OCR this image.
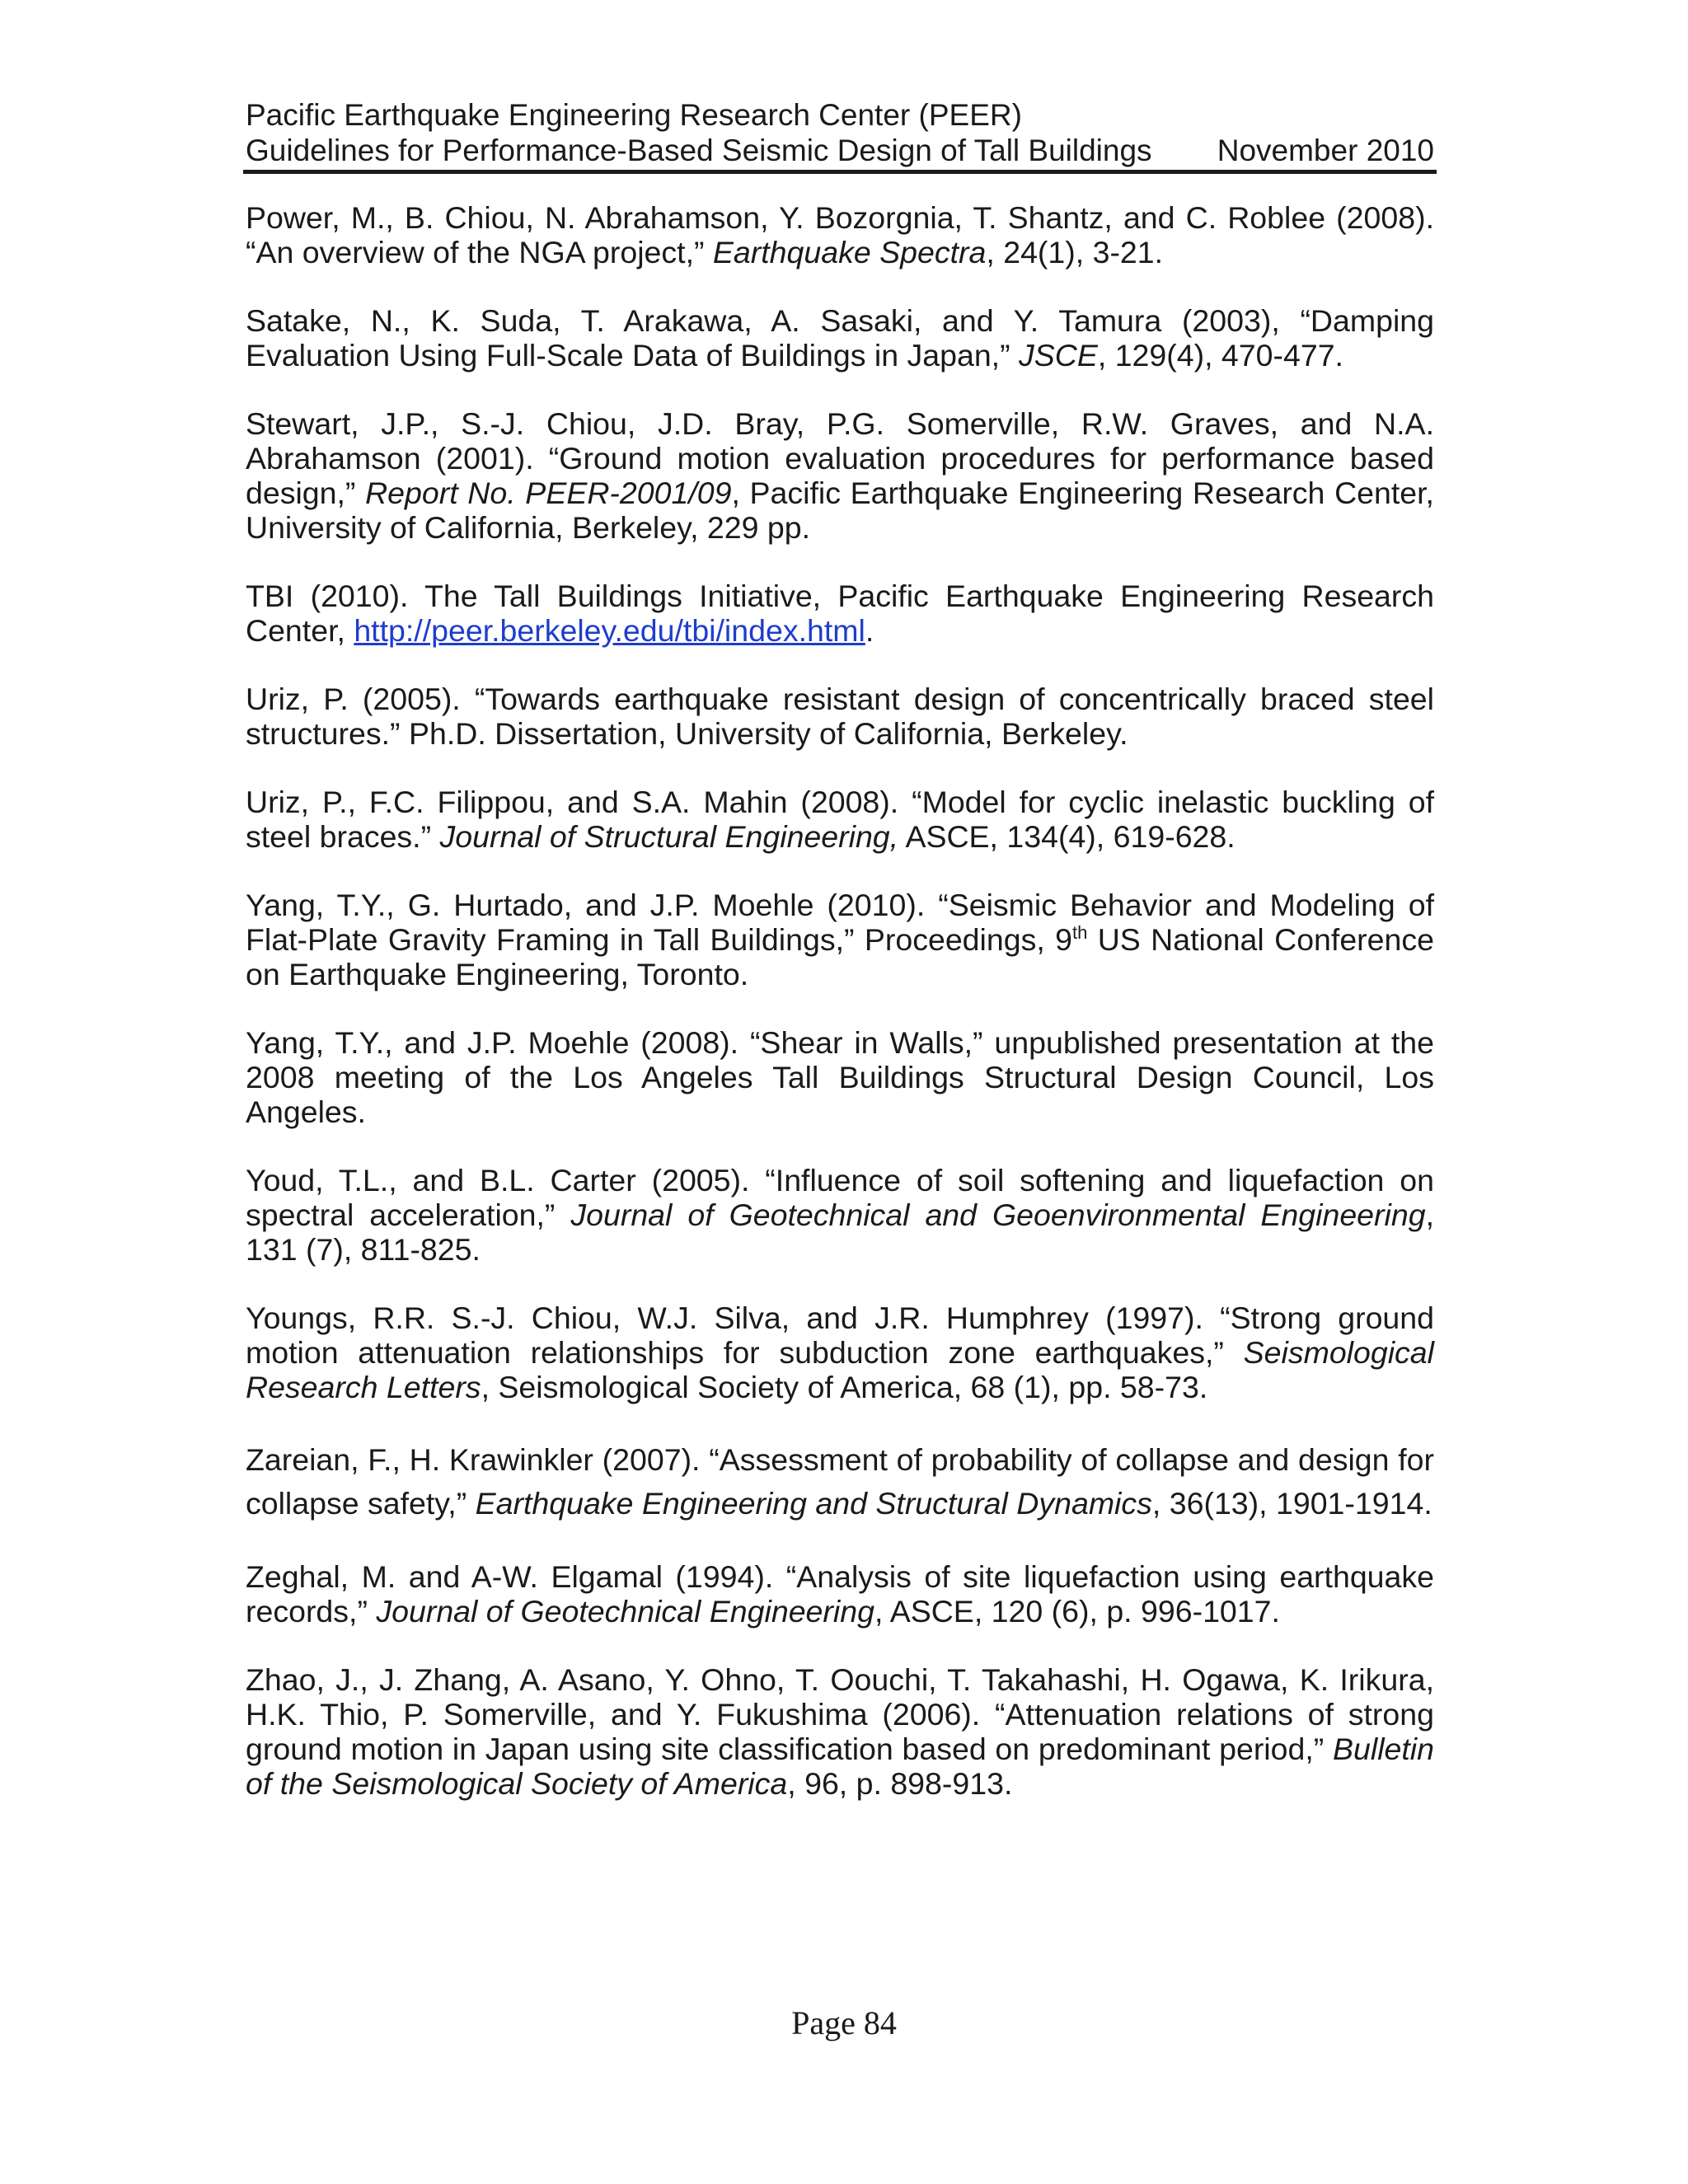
Pacific Earthquake Engineering Research Center (PEER)
Guidelines for Performance-Based Seismic Design of Tall Buildings November 2010

Power, M., B. Chiou, N. Abrahamson, Y. Bozorgnia, T. Shantz, and C. Roblee (2008). “An overview of the NGA project,” Earthquake Spectra, 24(1), 3-21.

Satake, N., K. Suda, T. Arakawa, A. Sasaki, and Y. Tamura (2003), “Damping Evaluation Using Full-Scale Data of Buildings in Japan,” JSCE, 129(4), 470-477.

Stewart, J.P., S.-J. Chiou, J.D. Bray, P.G. Somerville, R.W. Graves, and N.A. Abrahamson (2001). “Ground motion evaluation procedures for performance based design,” Report No. PEER-2001/09, Pacific Earthquake Engineering Research Center, University of California, Berkeley, 229 pp.

TBI (2010). The Tall Buildings Initiative, Pacific Earthquake Engineering Research Center, http://peer.berkeley.edu/tbi/index.html.

Uriz, P. (2005). “Towards earthquake resistant design of concentrically braced steel structures.” Ph.D. Dissertation, University of California, Berkeley.

Uriz, P., F.C. Filippou, and S.A. Mahin (2008). “Model for cyclic inelastic buckling of steel braces.” Journal of Structural Engineering, ASCE, 134(4), 619-628.

Yang, T.Y., G. Hurtado, and J.P. Moehle (2010). “Seismic Behavior and Modeling of Flat-Plate Gravity Framing in Tall Buildings,” Proceedings, 9th US National Conference on Earthquake Engineering, Toronto.

Yang, T.Y., and J.P. Moehle (2008). “Shear in Walls,” unpublished presentation at the 2008 meeting of the Los Angeles Tall Buildings Structural Design Council, Los Angeles.

Youd, T.L., and B.L. Carter (2005). “Influence of soil softening and liquefaction on spectral acceleration,” Journal of Geotechnical and Geoenvironmental Engineering, 131 (7), 811-825.

Youngs, R.R. S.-J. Chiou, W.J. Silva, and J.R. Humphrey (1997). “Strong ground motion attenuation relationships for subduction zone earthquakes,” Seismological Research Letters, Seismological Society of America, 68 (1), pp. 58-73.

Zareian, F., H. Krawinkler (2007). “Assessment of probability of collapse and design for collapse safety,” Earthquake Engineering and Structural Dynamics, 36(13), 1901-1914.

Zeghal, M. and A-W. Elgamal (1994). “Analysis of site liquefaction using earthquake records,” Journal of Geotechnical Engineering, ASCE, 120 (6), p. 996-1017.

Zhao, J., J. Zhang, A. Asano, Y. Ohno, T. Oouchi, T. Takahashi, H. Ogawa, K. Irikura, H.K. Thio, P. Somerville, and Y. Fukushima (2006). “Attenuation relations of strong ground motion in Japan using site classification based on predominant period,” Bulletin of the Seismological Society of America, 96, p. 898-913.

Page 84
